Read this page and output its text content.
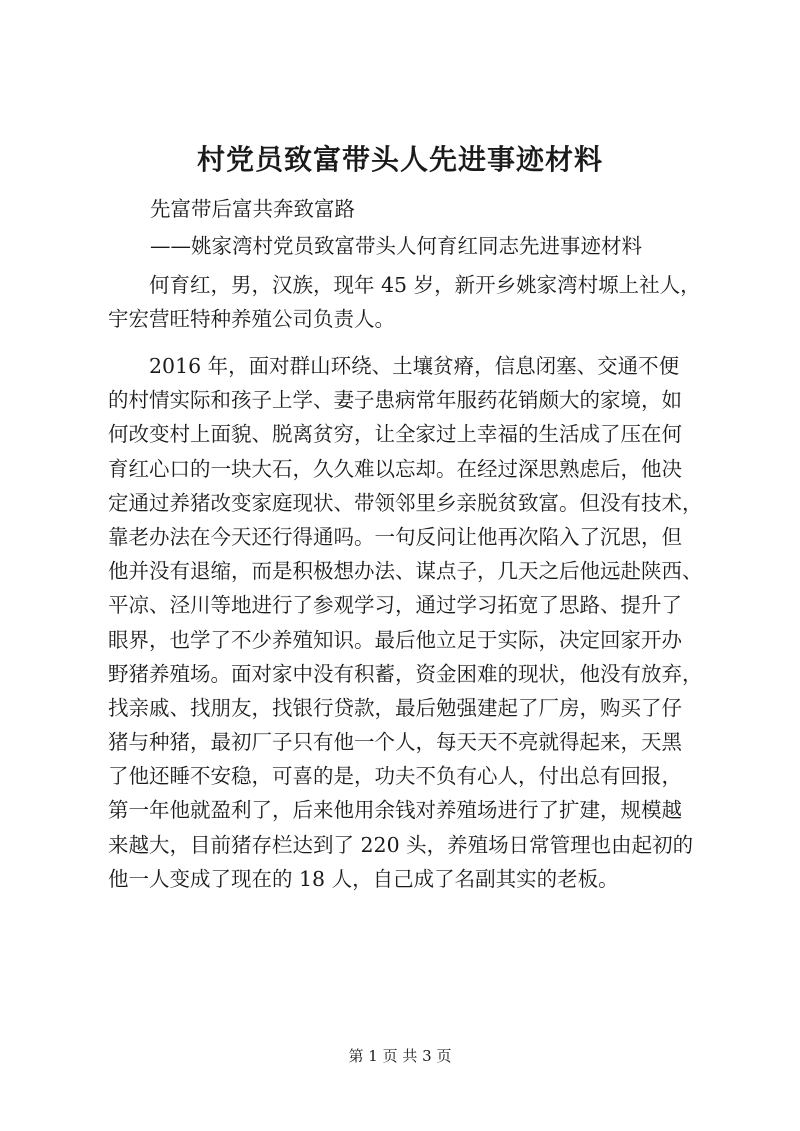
村党员致富带头人先进事迹材料
先富带后富共奔致富路
——姚家湾村党员致富带头人何育红同志先进事迹材料
何育红，男，汉族，现年 45 岁，新开乡姚家湾村塬上社人，
宇宏营旺特种养殖公司负责人。
2016 年，面对群山环绕、土壤贫瘠，信息闭塞、交通不便
的村情实际和孩子上学、妻子患病常年服药花销颇大的家境，如
何改变村上面貌、脱离贫穷，让全家过上幸福的生活成了压在何
育红心口的一块大石，久久难以忘却。在经过深思熟虑后，他决
定通过养猪改变家庭现状、带领邻里乡亲脱贫致富。但没有技术，
靠老办法在今天还行得通吗。一句反问让他再次陷入了沉思，但
他并没有退缩，而是积极想办法、谋点子，几天之后他远赴陕西、
平凉、泾川等地进行了参观学习，通过学习拓宽了思路、提升了
眼界，也学了不少养殖知识。最后他立足于实际，决定回家开办
野猪养殖场。面对家中没有积蓄，资金困难的现状，他没有放弃，
找亲戚、找朋友，找银行贷款，最后勉强建起了厂房，购买了仔
猪与种猪，最初厂子只有他一个人，每天天不亮就得起来，天黑
了他还睡不安稳，可喜的是，功夫不负有心人，付出总有回报，
第一年他就盈利了，后来他用余钱对养殖场进行了扩建，规模越
来越大，目前猪存栏达到了 220 头，养殖场日常管理也由起初的
他一人变成了现在的 18 人，自己成了名副其实的老板。
第 1 页 共 3 页
